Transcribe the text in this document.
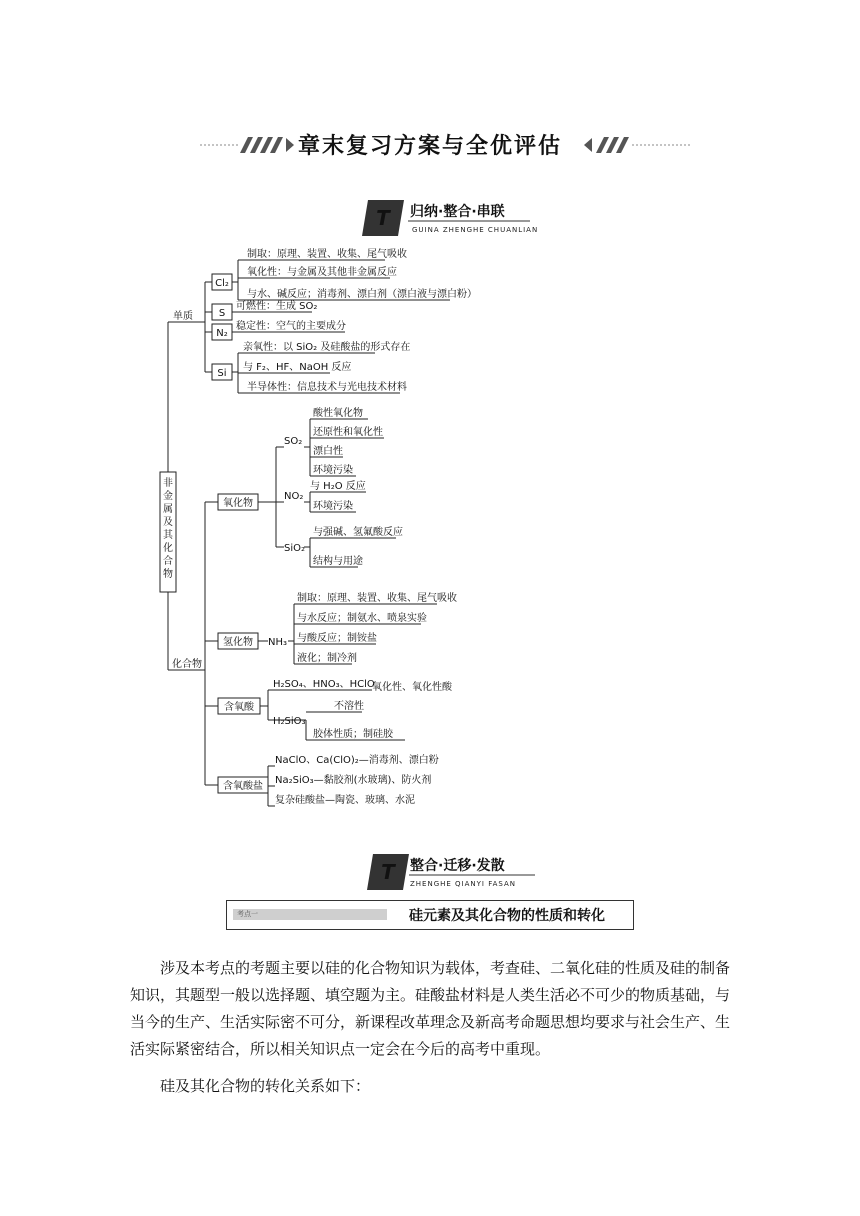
章末复习方案与全优评估
T 归纳·整合·串联
GUINA ZHENGHE CHUANLIAN
非金属及其化合物
单质
化合物
Cl₂
S
N₂
Si
制取：原理、装置、收集、尾气吸收
氧化性：与金属及其他非金属反应
与水、碱反应；消毒剂、漂白剂（漂白液与漂白粉）
可燃性：生成 SO₂
稳定性：空气的主要成分
亲氧性：以 SiO₂ 及硅酸盐的形式存在
与 F₂、HF、NaOH 反应
半导体性：信息技术与光电技术材料
氧化物
SO₂
NO₂
SiO₂
酸性氧化物
还原性和氧化性
漂白性
环境污染
与 H₂O 反应
环境污染
与强碱、氢氟酸反应
结构与用途
氢化物 NH₃
制取：原理、装置、收集、尾气吸收
与水反应；制氨水、喷泉实验
与酸反应；制铵盐
液化；制冷剂
含氧酸
H₂SO₄、HNO₃、HClO
氧化性、氧化性酸
H₂SiO₃
不溶性
胶体性质；制硅胶
含氧酸盐
NaClO、Ca(ClO)₂—消毒剂、漂白粉
Na₂SiO₃—黏胶剂(水玻璃)、防火剂
复杂硅酸盐—陶瓷、玻璃、水泥
T 整合·迁移·发散
ZHENGHE QIANYI FASAN
考点一	硅元素及其化合物的性质和转化

涉及本考点的考题主要以硅的化合物知识为载体，考查硅、二氧化硅的性质及硅的制备知识，其题型一般以选择题、填空题为主。硅酸盐材料是人类生活必不可少的物质基础，与当今的生产、生活实际密不可分，新课程改革理念及新高考命题思想均要求与社会生产、生活实际紧密结合，所以相关知识点一定会在今后的高考中重现。

硅及其化合物的转化关系如下：
